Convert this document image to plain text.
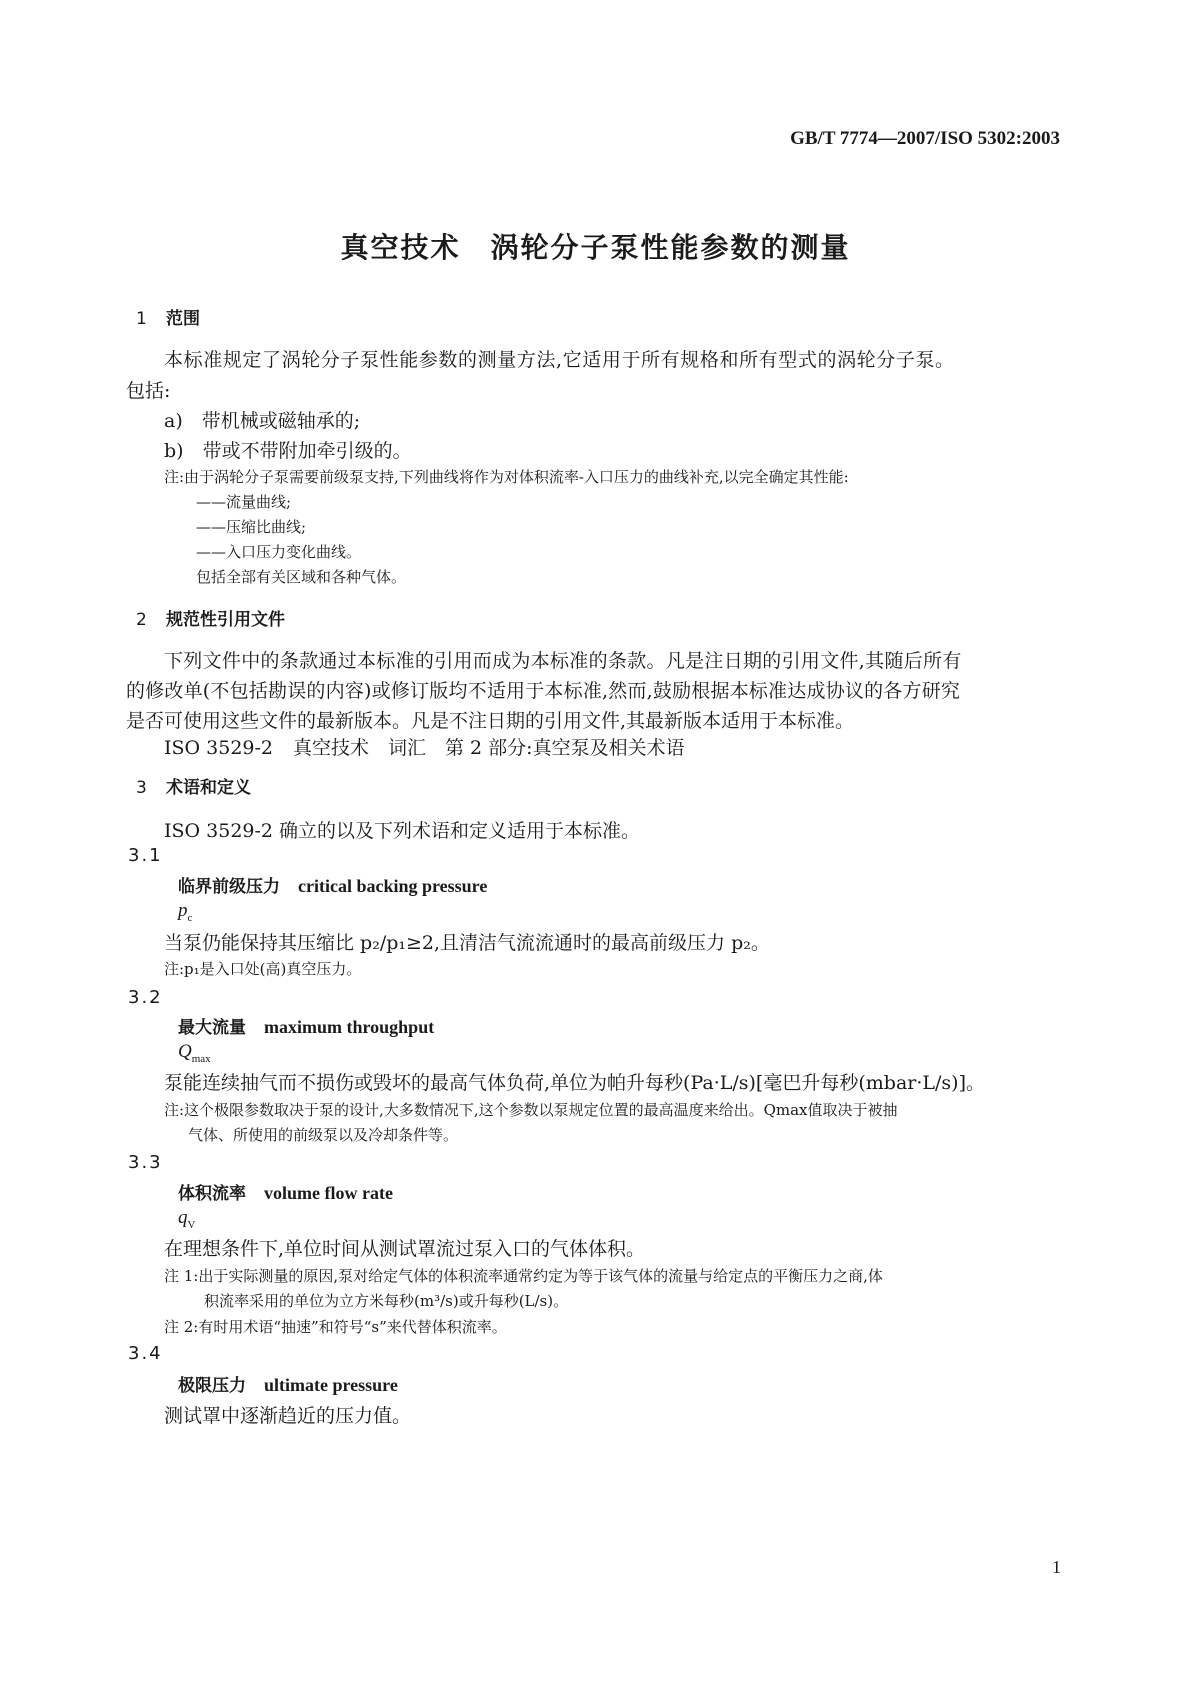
GB/T 7774—2007/ISO 5302:2003
真空技术　涡轮分子泵性能参数的测量
1 范围
本标准规定了涡轮分子泵性能参数的测量方法,它适用于所有规格和所有型式的涡轮分子泵。
包括:
a)　带机械或磁轴承的;
b)　带或不带附加牵引级的。
注:由于涡轮分子泵需要前级泵支持,下列曲线将作为对体积流率-入口压力的曲线补充,以完全确定其性能:
——流量曲线;
——压缩比曲线;
——入口压力变化曲线。
包括全部有关区域和各种气体。
2 规范性引用文件
下列文件中的条款通过本标准的引用而成为本标准的条款。凡是注日期的引用文件,其随后所有
的修改单(不包括勘误的内容)或修订版均不适用于本标准,然而,鼓励根据本标准达成协议的各方研究
是否可使用这些文件的最新版本。凡是不注日期的引用文件,其最新版本适用于本标准。
ISO 3529-2 真空技术　词汇　第 2 部分:真空泵及相关术语
3 术语和定义
ISO 3529-2 确立的以及下列术语和定义适用于本标准。
3.1
临界前级压力 critical backing pressure
$p_c$
当泵仍能保持其压缩比 p₂/p₁≥2,且清洁气流流通时的最高前级压力 p₂。
注:p₁是入口处(高)真空压力。
3.2
最大流量 maximum throughput
$Q_{max}$
泵能连续抽气而不损伤或毁坏的最高气体负荷,单位为帕升每秒(Pa·L/s)[毫巴升每秒(mbar·L/s)]。
注:这个极限参数取决于泵的设计,大多数情况下,这个参数以泵规定位置的最高温度来给出。Qmax值取决于被抽
气体、所使用的前级泵以及冷却条件等。
3.3
体积流率 volume flow rate
$q_V$
在理想条件下,单位时间从测试罩流过泵入口的气体体积。
注 1:出于实际测量的原因,泵对给定气体的体积流率通常约定为等于该气体的流量与给定点的平衡压力之商,体
积流率采用的单位为立方米每秒(m³/s)或升每秒(L/s)。
注 2:有时用术语“抽速”和符号“s”来代替体积流率。
3.4
极限压力 ultimate pressure
测试罩中逐渐趋近的压力值。
1
